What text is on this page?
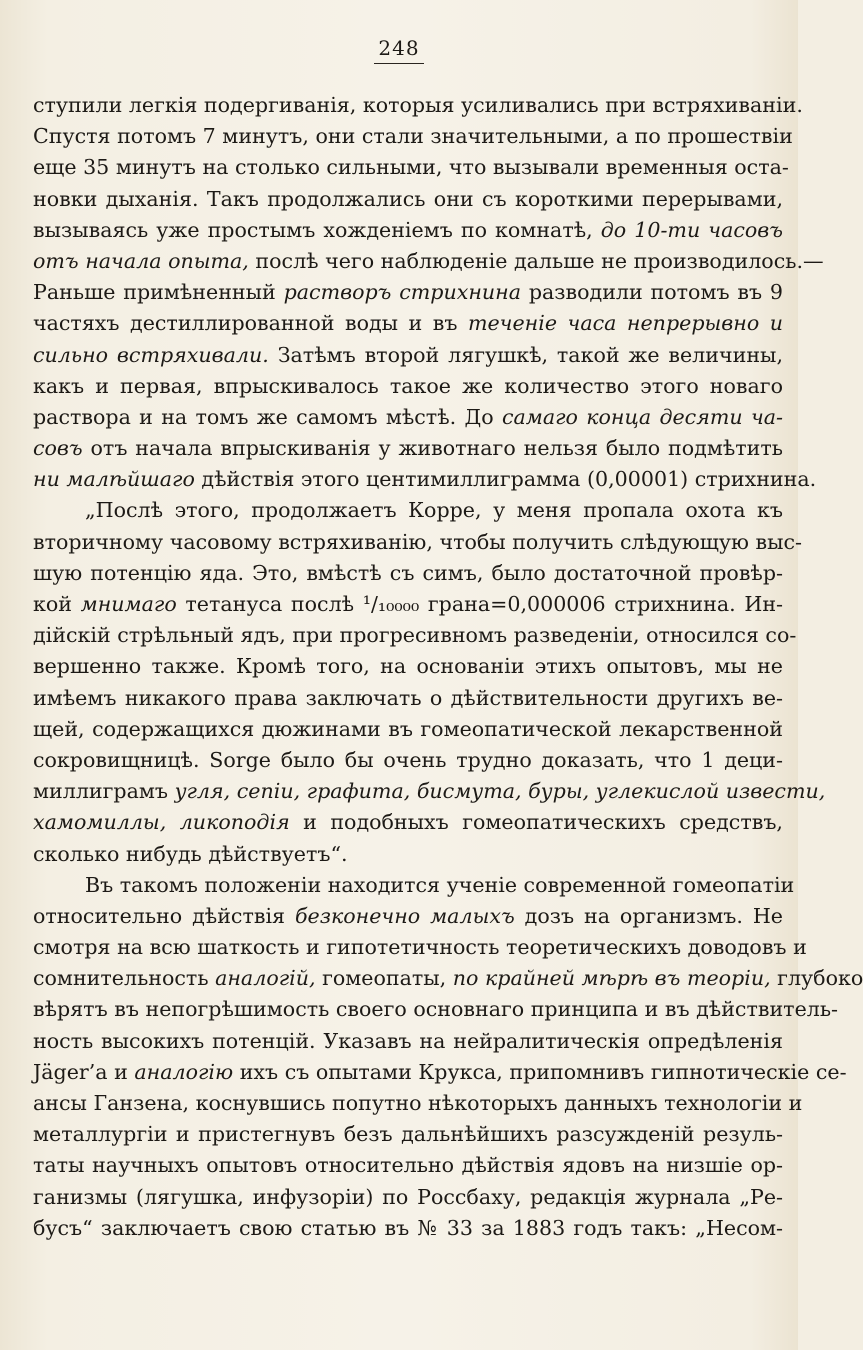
248
ступили легкія подергиванія, которыя усиливались при встряхиваніи.
Спустя потомъ 7 минутъ, они стали значительными, а по прошествіи
еще 35 минутъ на столько сильными, что вызывали временныя оста-
новки дыханія. Такъ продолжались они съ короткими перерывами,
вызываясь уже простымъ хожденіемъ по комнатѣ, до 10-ти часовъ
отъ начала опыта, послѣ чего наблюденіе дальше не производилось.—
Раньше примѣненный растворъ стрихнина разводили потомъ въ 9
частяхъ дестиллированной воды и въ теченіе часа непрерывно и
сильно встряхивали. Затѣмъ второй лягушкѣ, такой же величины,
какъ и первая, впрыскивалось такое же количество этого новаго
раствора и на томъ же самомъ мѣстѣ. До самаго конца десяти ча-
совъ отъ начала впрыскиванія у животнаго нельзя было подмѣтить
ни малѣйшаго дѣйствія этого центимиллиграмма (0,00001) стрихнина.
„Послѣ этого, продолжаетъ Корре, у меня пропала охота къ
вторичному часовому встряхиванію, чтобы получить слѣдующую выс-
шую потенцію яда. Это, вмѣстѣ съ симъ, было достаточной провѣр-
кой мнимаго тетануса послѣ ¹/₁₀₀₀₀ грана=0,000006 стрихнина. Ин-
дійскій стрѣльный ядъ, при прогресивномъ разведеніи, относился со-
вершенно также. Кромѣ того, на основаніи этихъ опытовъ, мы не
имѣемъ никакого права заключать о дѣйствительности другихъ ве-
щей, содержащихся дюжинами въ гомеопатической лекарственной
сокровищницѣ. Sorge было бы очень трудно доказать, что 1 деци-
миллиграмъ угля, сепіи, графита, бисмута, буры, углекислой извести,
хамомиллы, ликоподія и подобныхъ гомеопатическихъ средствъ,
сколько нибудь дѣйствуетъ“.
Въ такомъ положеніи находится ученіе современной гомеопатіи
относительно дѣйствія безконечно малыхъ дозъ на организмъ. Не
смотря на всю шаткость и гипотетичность теоретическихъ доводовъ и
сомнительность аналогій, гомеопаты, по крайней мѣрѣ въ теоріи, глубоко
вѣрятъ въ непогрѣшимость своего основнаго принципа и въ дѣйствитель-
ность высокихъ потенцій. Указавъ на нейралитическія опредѣленія
Jäger’а и аналогію ихъ съ опытами Крукса, припомнивъ гипнотическіе се-
ансы Ганзена, коснувшись попутно нѣкоторыхъ данныхъ технологіи и
металлургіи и пристегнувъ безъ дальнѣйшихъ разсужденій резуль-
таты научныхъ опытовъ относительно дѣйствія ядовъ на низшіе ор-
ганизмы (лягушка, инфузоріи) по Россбаху, редакція журнала „Ре-
бусъ“ заключаетъ свою статью въ № 33 за 1883 годъ такъ: „Несом-
